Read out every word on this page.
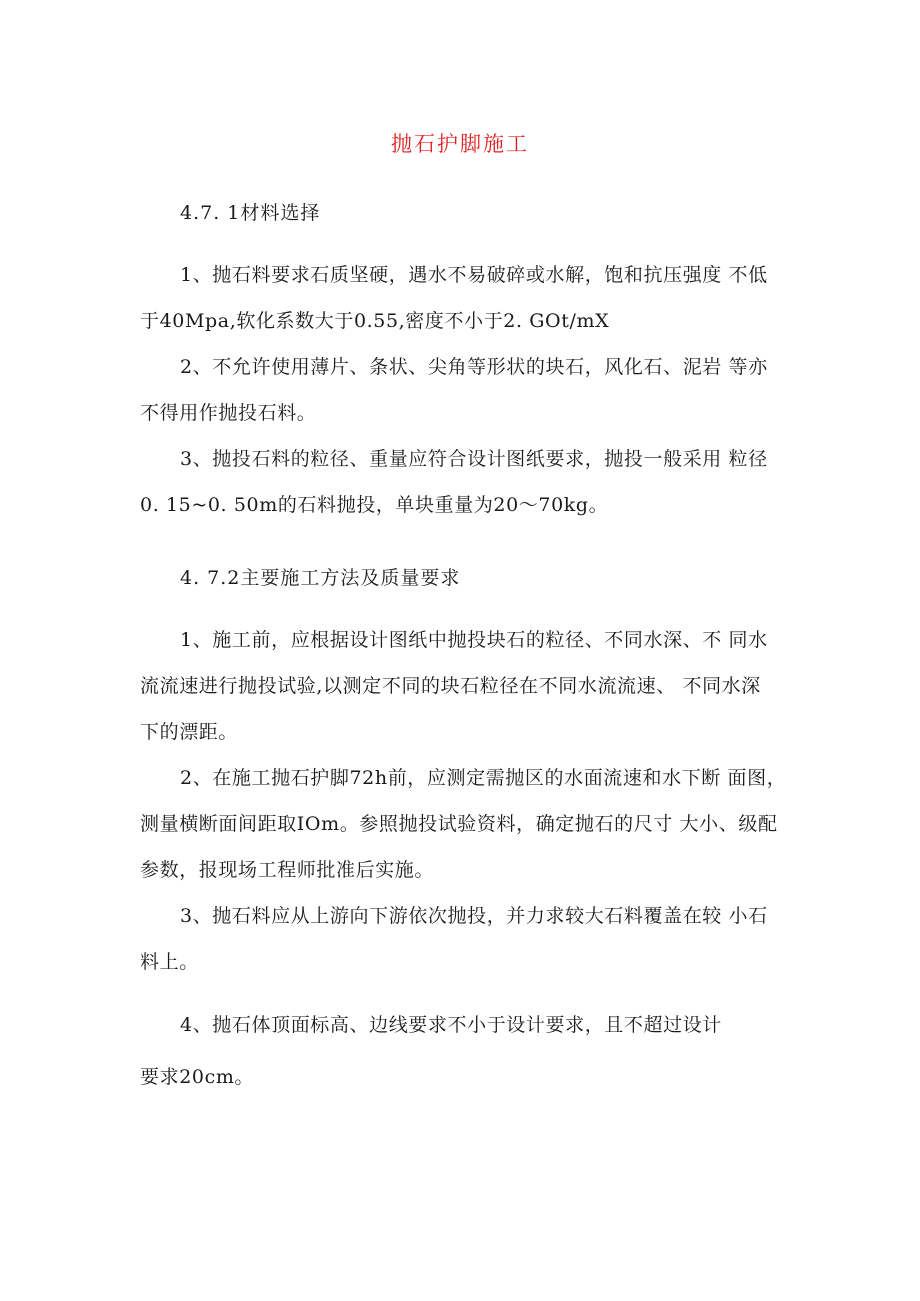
抛石护脚施工
4.7. 1材料选择
1、抛石料要求石质坚硬，遇水不易破碎或水解，饱和抗压强度 不低
于40Mpa,软化系数大于0.55,密度不小于2. GOt/mX
2、不允许使用薄片、条状、尖角等形状的块石，风化石、泥岩 等亦
不得用作抛投石料。
3、抛投石料的粒径、重量应符合设计图纸要求，抛投一般采用 粒径
0. 15~0. 50m的石料抛投，单块重量为20～70kg。
4. 7.2主要施工方法及质量要求
1、施工前，应根据设计图纸中抛投块石的粒径、不同水深、不 同水
流流速进行抛投试验,以测定不同的块石粒径在不同水流流速、 不同水深
下的漂距。
2、在施工抛石护脚72h前，应测定需抛区的水面流速和水下断 面图，
测量横断面间距取IOm。参照抛投试验资料，确定抛石的尺寸 大小、级配
参数，报现场工程师批准后实施。
3、抛石料应从上游向下游依次抛投，并力求较大石料覆盖在较 小石
料上。
4、抛石体顶面标高、边线要求不小于设计要求，且不超过设计
要求20cm。
